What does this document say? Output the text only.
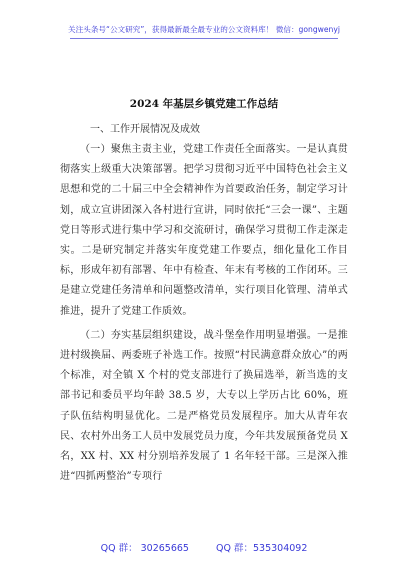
关注头条号“公文研究”，获得最新最全最专业的公文资料库！ 微信：gongwenyj
2024 年基层乡镇党建工作总结
一、工作开展情况及成效

（一）聚焦主责主业，党建工作责任全面落实。一是认真贯彻落实上级重大决策部署。把学习贯彻习近平中国特色社会主义思想和党的二十届三中全会精神作为首要政治任务，制定学习计划，成立宣讲团深入各村进行宣讲，同时依托“三会一课”、主题党日等形式进行集中学习和交流研讨，确保学习贯彻工作走深走实。二是研究制定并落实年度党建工作要点，细化量化工作目标，形成年初有部署、年中有检查、年末有考核的工作闭环。三是建立党建任务清单和问题整改清单，实行项目化管理、清单式推进，提升了党建工作质效。

（二）夯实基层组织建设，战斗堡垒作用明显增强。一是推进村级换届、两委班子补选工作。按照“村民满意群众放心”的两个标准，对全镇 X 个村的党支部进行了换届选举，新当选的支部书记和委员平均年龄 38.5 岁，大专以上学历占比 60%，班子队伍结构明显优化。二是严格党员发展程序。加大从青年农民、农村外出务工人员中发展党员力度，今年共发展预备党员 X 名，XX 村、XX 村分别培养发展了 1 名年轻干部。三是深入推进“四抓两整治”专项行

QQ 群： 30265665	QQ 群：535304092
